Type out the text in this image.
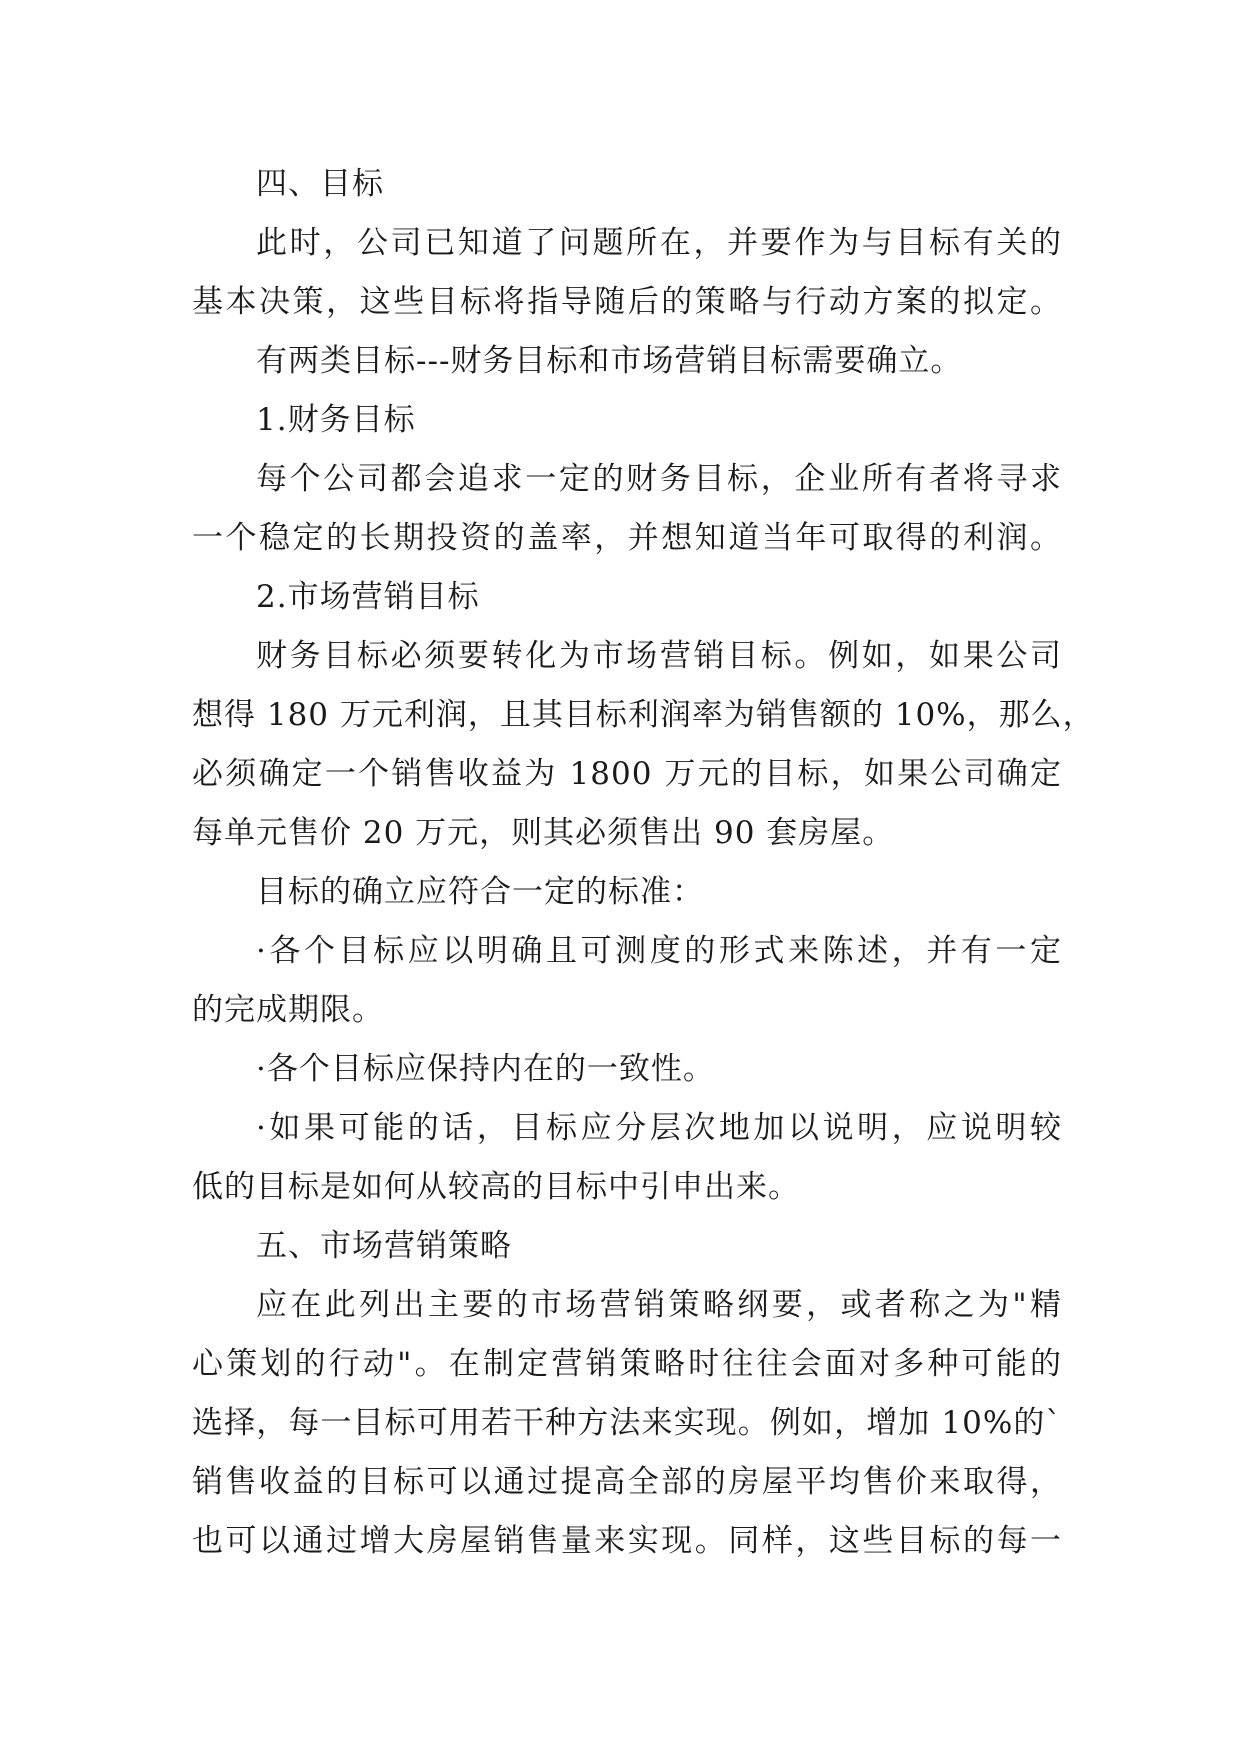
四、目标

此时，公司已知道了问题所在，并要作为与目标有关的

基本决策，这些目标将指导随后的策略与行动方案的拟定。

有两类目标---财务目标和市场营销目标需要确立。

1.财务目标

每个公司都会追求一定的财务目标，企业所有者将寻求

一个稳定的长期投资的盖率，并想知道当年可取得的利润。

2.市场营销目标

财务目标必须要转化为市场营销目标。例如，如果公司

想得 180 万元利润，且其目标利润率为销售额的 10%，那么，

必须确定一个销售收益为 1800 万元的目标，如果公司确定

每单元售价 20 万元，则其必须售出 90 套房屋。

目标的确立应符合一定的标准：

·各个目标应以明确且可测度的形式来陈述，并有一定

的完成期限。

·各个目标应保持内在的一致性。

·如果可能的话，目标应分层次地加以说明，应说明较

低的目标是如何从较高的目标中引申出来。

五、市场营销策略

应在此列出主要的市场营销策略纲要，或者称之为"精

心策划的行动"。在制定营销策略时往往会面对多种可能的

选择，每一目标可用若干种方法来实现。例如，增加 10%的`

销售收益的目标可以通过提高全部的房屋平均售价来取得，

也可以通过增大房屋销售量来实现。同样，这些目标的每一
